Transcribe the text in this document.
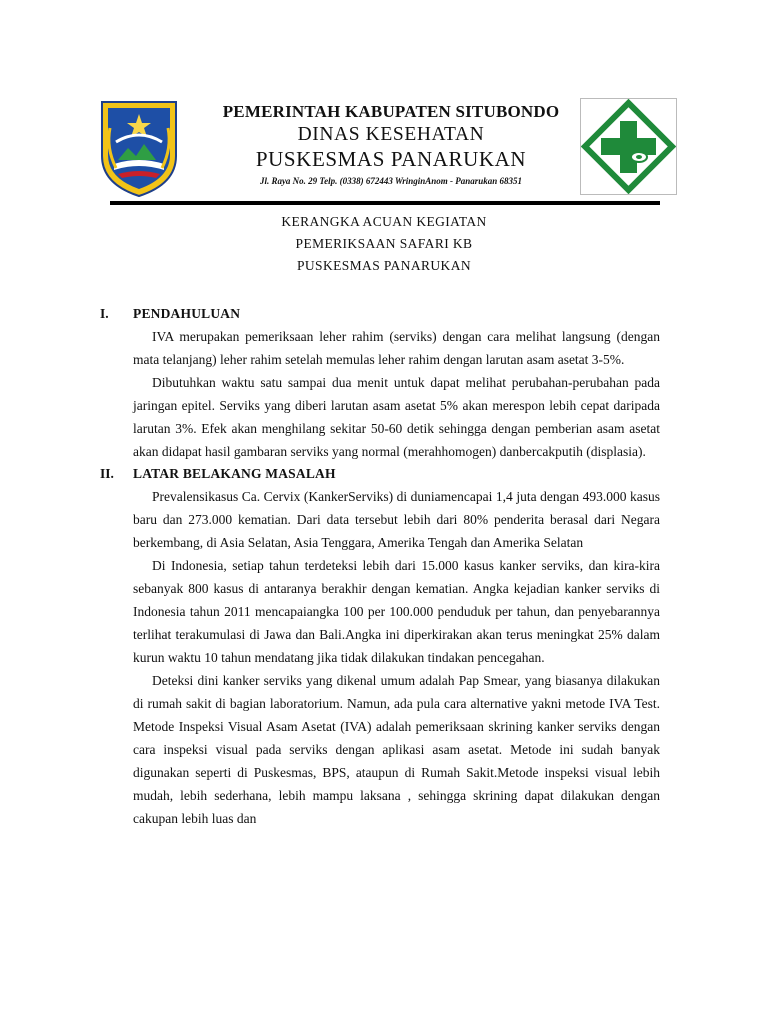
PEMERINTAH KABUPATEN SITUBONDO
DINAS KESEHATAN
PUSKESMAS PANARUKAN
Jl. Raya No. 29 Telp. (0338) 672443 WringinAnom - Panarukan 68351
KERANGKA ACUAN KEGIATAN
PEMERIKSAAN SAFARI KB
PUSKESMAS PANARUKAN
I.	PENDAHULUAN

IVA merupakan pemeriksaan leher rahim (serviks) dengan cara melihat langsung (dengan mata telanjang) leher rahim setelah memulas leher rahim dengan larutan asam asetat 3-5%.

Dibutuhkan waktu satu sampai dua menit untuk dapat melihat perubahan-perubahan pada jaringan epitel. Serviks yang diberi larutan asam asetat 5% akan merespon lebih cepat daripada larutan 3%. Efek akan menghilang sekitar 50-60 detik sehingga dengan pemberian asam asetat akan didapat hasil gambaran serviks yang normal (merahhomogen) danbercakputih (displasia).

II.	LATAR BELAKANG MASALAH

Prevalensikasus Ca. Cervix (KankerServiks) di duniamencapai 1,4 juta dengan 493.000 kasus baru dan 273.000 kematian. Dari data tersebut lebih dari 80% penderita berasal dari Negara berkembang, di Asia Selatan, Asia Tenggara, Amerika Tengah dan Amerika Selatan

Di Indonesia, setiap tahun terdeteksi lebih dari 15.000 kasus kanker serviks, dan kira-kira sebanyak 800 kasus di antaranya berakhir dengan kematian. Angka kejadian kanker serviks di Indonesia tahun 2011 mencapaiangka 100 per 100.000 penduduk per tahun, dan penyebarannya terlihat terakumulasi di Jawa dan Bali.Angka ini diperkirakan akan terus meningkat 25% dalam kurun waktu 10 tahun mendatang jika tidak dilakukan tindakan pencegahan.

Deteksi dini kanker serviks yang dikenal umum adalah Pap Smear, yang biasanya dilakukan di rumah sakit di bagian laboratorium. Namun, ada pula cara alternative yakni metode IVA Test. Metode Inspeksi Visual Asam Asetat (IVA) adalah pemeriksaan skrining kanker serviks dengan cara inspeksi visual pada serviks dengan aplikasi asam asetat. Metode ini sudah banyak digunakan seperti di Puskesmas, BPS, ataupun di Rumah Sakit.Metode inspeksi visual lebih mudah, lebih sederhana, lebih mampu laksana , sehingga skrining dapat dilakukan dengan cakupan lebih luas dan
